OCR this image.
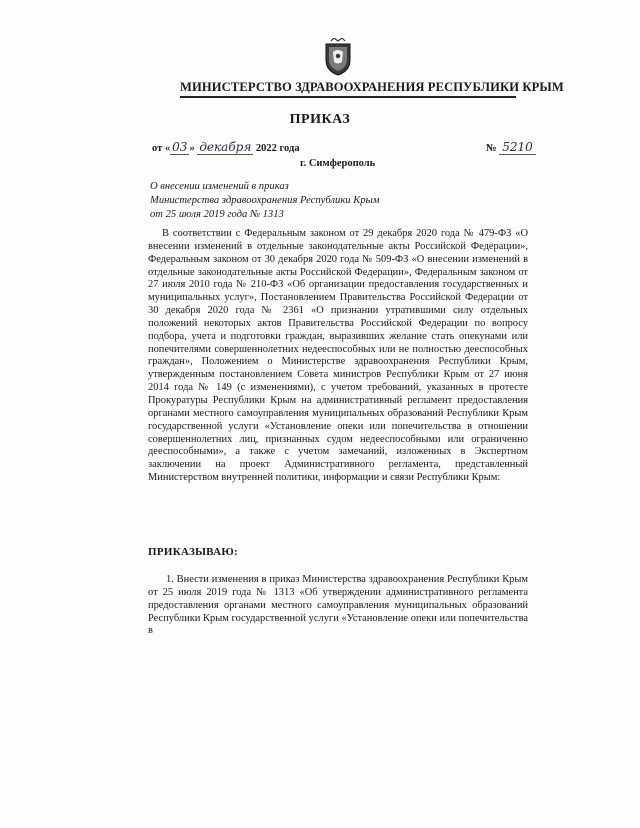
МИНИСТЕРСТВО ЗДРАВООХРАНЕНИЯ РЕСПУБЛИКИ КРЫМ
ПРИКАЗ
от « 03 » декабря 2022 года	№ 5210
г. Симферополь
О внесении изменений в приказ
Министерства здравоохранения Республики Крым
от 25 июля 2019 года № 1313

В соответствии с Федеральным законом от 29 декабря 2020 года № 479-ФЗ «О внесении изменений в отдельные законодательные акты Российской Федерации», Федеральным законом от 30 декабря 2020 года № 509-ФЗ «О внесении изменений в отдельные законодательные акты Российской Федерации», Федеральным законом от 27 июля 2010 года № 210-ФЗ «Об организации предоставления государственных и муниципальных услуг», Постановлением Правительства Российской Федерации от 30 декабря 2020 года № 2361 «О признании утратившими силу отдельных положений некоторых актов Правительства Российской Федерации по вопросу подбора, учета и подготовки граждан, выразивших желание стать опекунами или попечителями совершеннолетних недееспособных или не полностью дееспособных граждан», Положением о Министерстве здравоохранения Республики Крым, утвержденным постановлением Совета министров Республики Крым от 27 июня 2014 года № 149 (с изменениями), с учетом требований, указанных в протесте Прокуратуры Республики Крым на административный регламент предоставления органами местного самоуправления муниципальных образований Республики Крым государственной услуги «Установление опеки или попечительства в отношении совершеннолетних лиц, признанных судом недееспособными или ограниченно дееспособными», а также с учетом замечаний, изложенных в Экспертном заключении на проект Административного регламента, представленный Министерством внутренней политики, информации и связи Республики Крым:

ПРИКАЗЫВАЮ:

1. Внести изменения в приказ Министерства здравоохранения Республики Крым от 25 июля 2019 года № 1313 «Об утверждении административного регламента предоставления органами местного самоуправления муниципальных образований Республики Крым государственной услуги «Установление опеки или попечительства в
